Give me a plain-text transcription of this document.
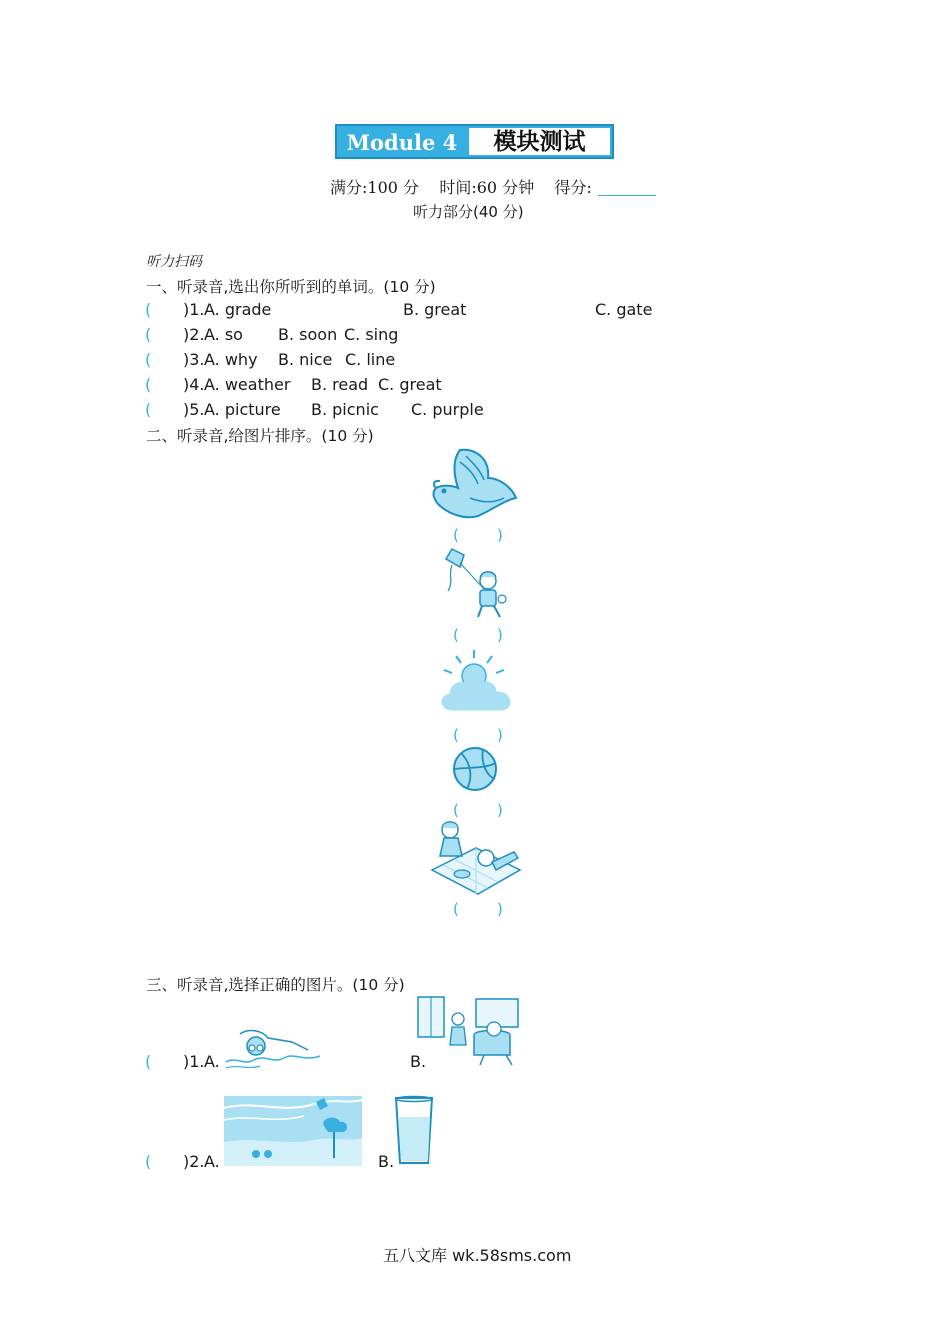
Module 4	模块测试
满分:100 分    时间:60 分钟    得分:
听力部分(40 分)
听力扫码
一、听录音,选出你所听到的单词。(10 分)
( )1. A. grade	B. great	C. gate
( )2. A. so B. soon C. sing
( )3. A. why B. nice C. line
( )4. A. weather B. read C. great
( )5. A. picture B. picnic C. purple
二、听录音,给图片排序。(10 分)
(        )
(        )
(        )
(        )
(        )
三、听录音,选择正确的图片。(10 分)
( )1. A.	B.
( )2. A.	B.
五八文库 wk.58sms.com
